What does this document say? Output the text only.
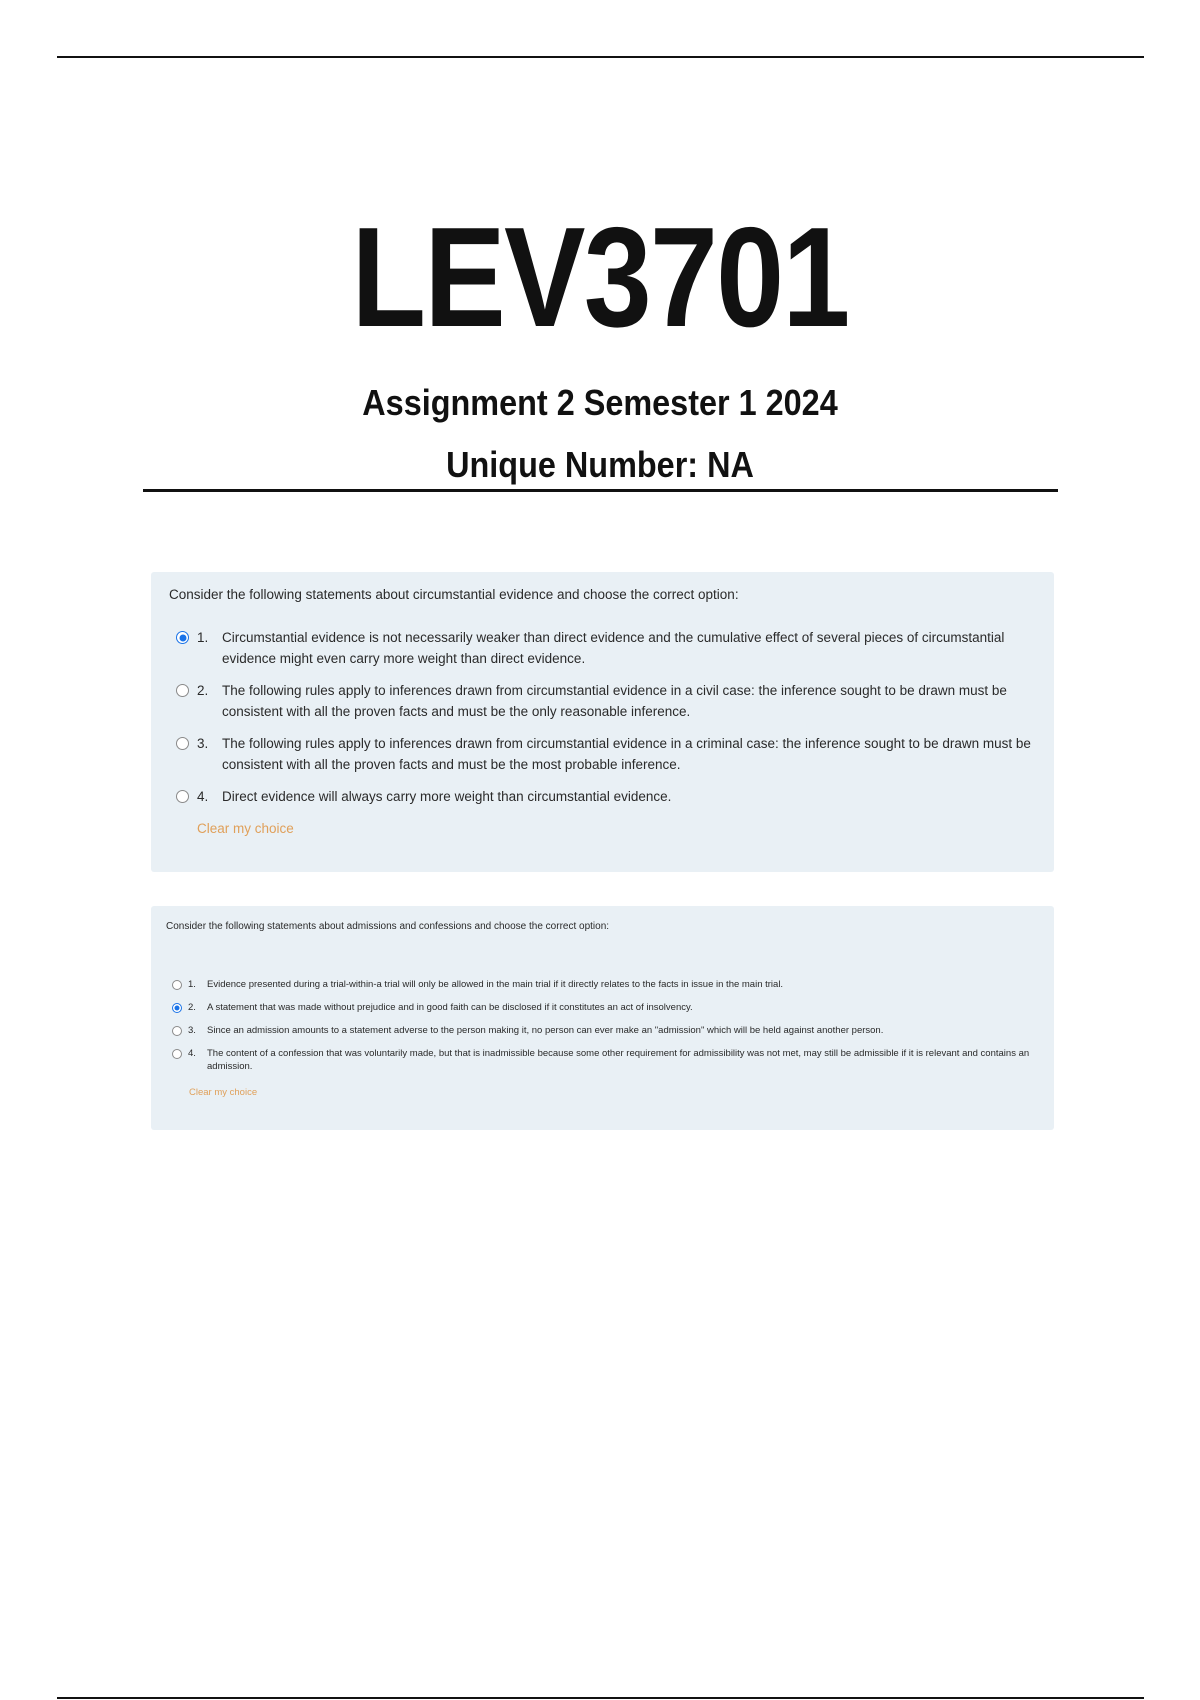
LEV3701
Assignment 2 Semester 1 2024
Unique Number: NA

Consider the following statements about circumstantial evidence and choose the correct option:

1.	Circumstantial evidence is not necessarily weaker than direct evidence and the cumulative effect of several pieces of circumstantial evidence might even carry more weight than direct evidence.
2.	The following rules apply to inferences drawn from circumstantial evidence in a civil case: the inference sought to be drawn must be consistent with all the proven facts and must be the only reasonable inference.
3.	The following rules apply to inferences drawn from circumstantial evidence in a criminal case: the inference sought to be drawn must be consistent with all the proven facts and must be the most probable inference.
4.	Direct evidence will always carry more weight than circumstantial evidence.
Clear my choice

Consider the following statements about admissions and confessions and choose the correct option:

1.	Evidence presented during a trial-within-a trial will only be allowed in the main trial if it directly relates to the facts in issue in the main trial.
2.	A statement that was made without prejudice and in good faith can be disclosed if it constitutes an act of insolvency.
3.	Since an admission amounts to a statement adverse to the person making it, no person can ever make an "admission" which will be held against another person.
4.	The content of a confession that was voluntarily made, but that is inadmissible because some other requirement for admissibility was not met, may still be admissible if it is relevant and contains an admission.
Clear my choice
